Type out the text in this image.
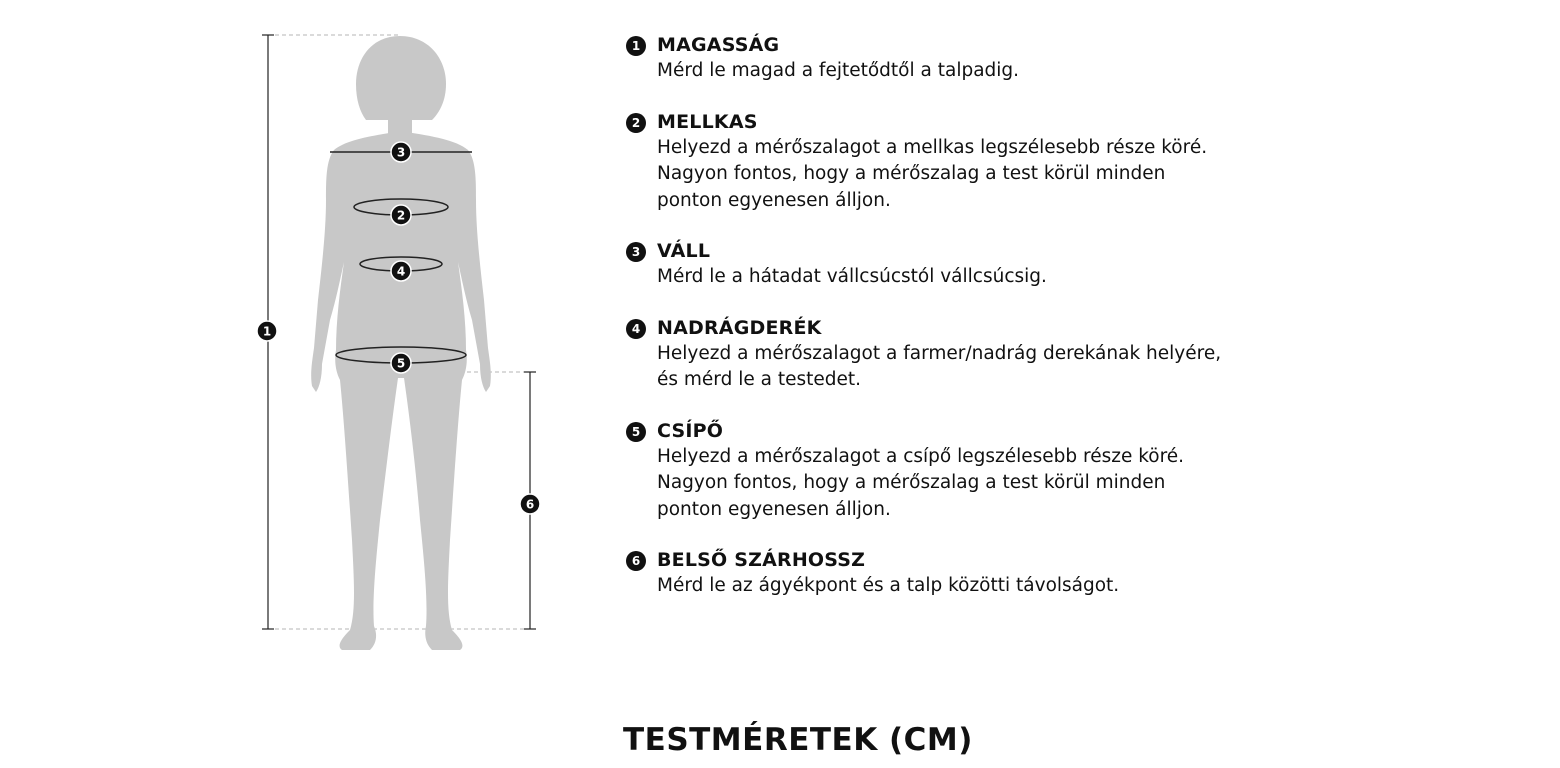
1
2
3
4
5
6
1 MAGASSÁG
Mérd le magad a fejtetődtől a talpadig.
2 MELLKAS
Helyezd a mérőszalagot a mellkas legszélesebb része köré. Nagyon fontos, hogy a mérőszalag a test körül minden ponton egyenesen álljon.
3 VÁLL
Mérd le a hátadat vállcsúcstól vállcsúcsig.
4 NADRÁGDERÉK
Helyezd a mérőszalagot a farmer/nadrág derekának helyére, és mérd le a testedet.
5 CSÍPŐ
Helyezd a mérőszalagot a csípő legszélesebb része köré. Nagyon fontos, hogy a mérőszalag a test körül minden ponton egyenesen álljon.
6 BELSŐ SZÁRHOSSZ
Mérd le az ágyékpont és a talp közötti távolságot.
TESTMÉRETEK (CM)
